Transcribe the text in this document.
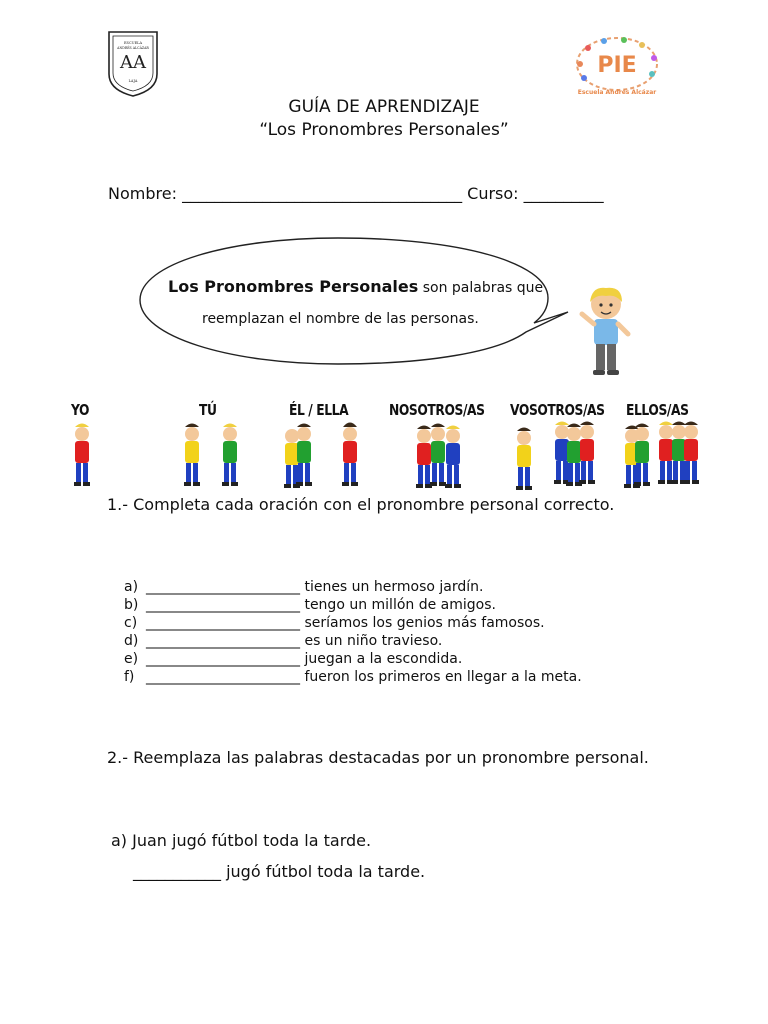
ESCUELA
ANDRÉS ALCÁZAR
AA
LAJA
PIE
Escuela Andrés Alcázar
GUÍA DE APRENDIZAJE
“Los Pronombres Personales”
Nombre: ___________________________________ Curso: __________
Los Pronombres Personales son palabras que
reemplazan el nombre de las personas.
YO	TÚ	ÉL / ELLA	NOSOTROS/AS VOSOTROS/AS ELLOS/AS
1.- Completa cada oración con el pronombre personal correcto.
a) ______________________ tienes un hermoso jardín.
b) ______________________ tengo un millón de amigos.
c) ______________________ seríamos los genios más famosos.
d) ______________________ es un niño travieso.
e) ______________________ juegan a la escondida.
f) ______________________ fueron los primeros en llegar a la meta.
2.- Reemplaza las palabras destacadas por un pronombre personal.
a) Juan jugó fútbol toda la tarde.
___________ jugó fútbol toda la tarde.
